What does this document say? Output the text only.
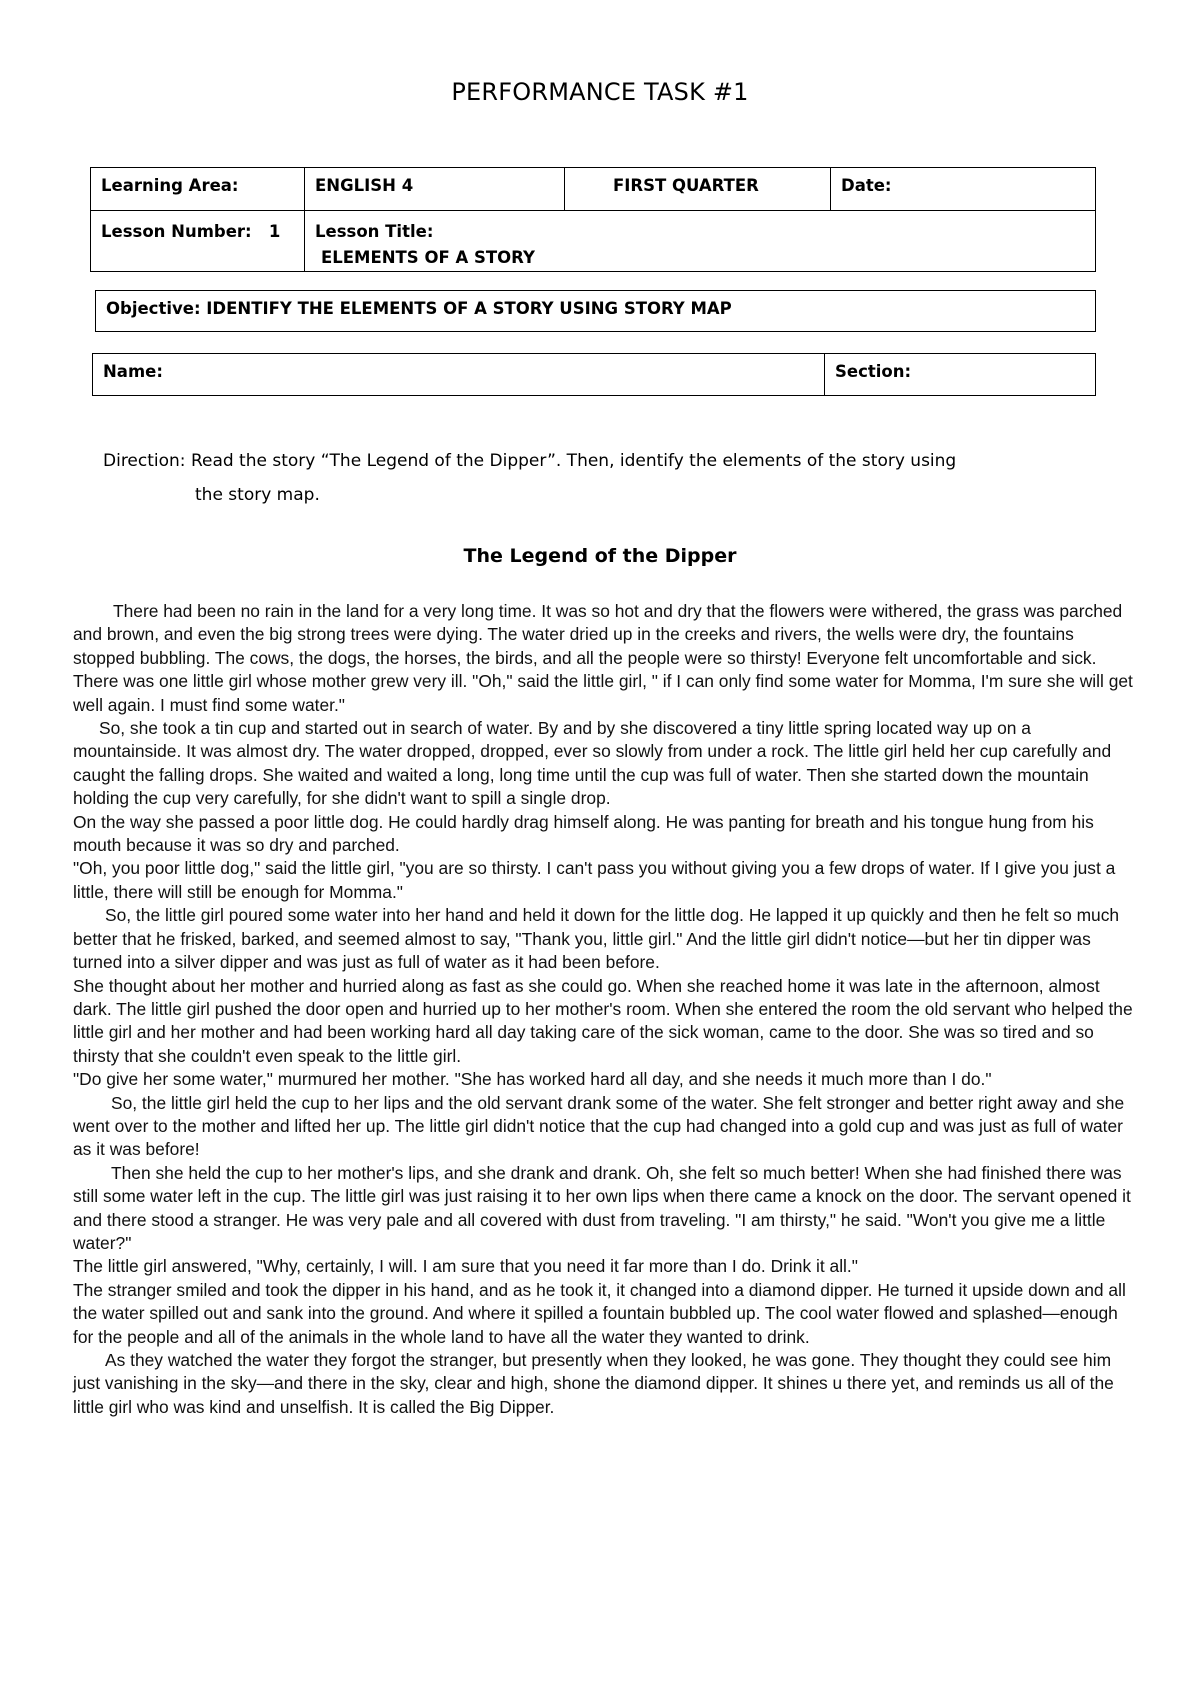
PERFORMANCE TASK #1
Learning Area:	ENGLISH 4	FIRST QUARTER	Date:
Lesson Number: 1	Lesson Title:
ELEMENTS OF A STORY		
Objective: IDENTIFY THE ELEMENTS OF A STORY USING STORY MAP
Name:	Section:
Direction: Read the story “The Legend of the Dipper”. Then, identify the elements of the story using
the story map.
The Legend of the Dipper

There had been no rain in the land for a very long time. It was so hot and dry that the flowers were withered, the grass was parched and brown, and even the big strong trees were dying. The water dried up in the creeks and rivers, the wells were dry, the fountains stopped bubbling. The cows, the dogs, the horses, the birds, and all the people were so thirsty! Everyone felt uncomfortable and sick.

There was one little girl whose mother grew very ill. "Oh," said the little girl, " if I can only find some water for Momma, I'm sure she will get well again. I must find some water."

So, she took a tin cup and started out in search of water. By and by she discovered a tiny little spring located way up on a mountainside. It was almost dry. The water dropped, dropped, ever so slowly from under a rock. The little girl held her cup carefully and caught the falling drops. She waited and waited a long, long time until the cup was full of water. Then she started down the mountain holding the cup very carefully, for she didn't want to spill a single drop.

On the way she passed a poor little dog. He could hardly drag himself along. He was panting for breath and his tongue hung from his mouth because it was so dry and parched.

"Oh, you poor little dog," said the little girl, "you are so thirsty. I can't pass you without giving you a few drops of water. If I give you just a little, there will still be enough for Momma."

So, the little girl poured some water into her hand and held it down for the little dog. He lapped it up quickly and then he felt so much better that he frisked, barked, and seemed almost to say, "Thank you, little girl." And the little girl didn't notice—but her tin dipper was turned into a silver dipper and was just as full of water as it had been before.

She thought about her mother and hurried along as fast as she could go. When she reached home it was late in the afternoon, almost dark. The little girl pushed the door open and hurried up to her mother's room. When she entered the room the old servant who helped the little girl and her mother and had been working hard all day taking care of the sick woman, came to the door. She was so tired and so thirsty that she couldn't even speak to the little girl.

"Do give her some water," murmured her mother. "She has worked hard all day, and she needs it much more than I do."

So, the little girl held the cup to her lips and the old servant drank some of the water. She felt stronger and better right away and she went over to the mother and lifted her up. The little girl didn't notice that the cup had changed into a gold cup and was just as full of water as it was before!

Then she held the cup to her mother's lips, and she drank and drank. Oh, she felt so much better! When she had finished there was still some water left in the cup. The little girl was just raising it to her own lips when there came a knock on the door. The servant opened it and there stood a stranger. He was very pale and all covered with dust from traveling. "I am thirsty," he said. "Won't you give me a little water?"

The little girl answered, "Why, certainly, I will. I am sure that you need it far more than I do. Drink it all."

The stranger smiled and took the dipper in his hand, and as he took it, it changed into a diamond dipper. He turned it upside down and all the water spilled out and sank into the ground. And where it spilled a fountain bubbled up. The cool water flowed and splashed—enough for the people and all of the animals in the whole land to have all the water they wanted to drink.

As they watched the water they forgot the stranger, but presently when they looked, he was gone. They thought they could see him just vanishing in the sky—and there in the sky, clear and high, shone the diamond dipper. It shines u there yet, and reminds us all of the little girl who was kind and unselfish. It is called the Big Dipper.
